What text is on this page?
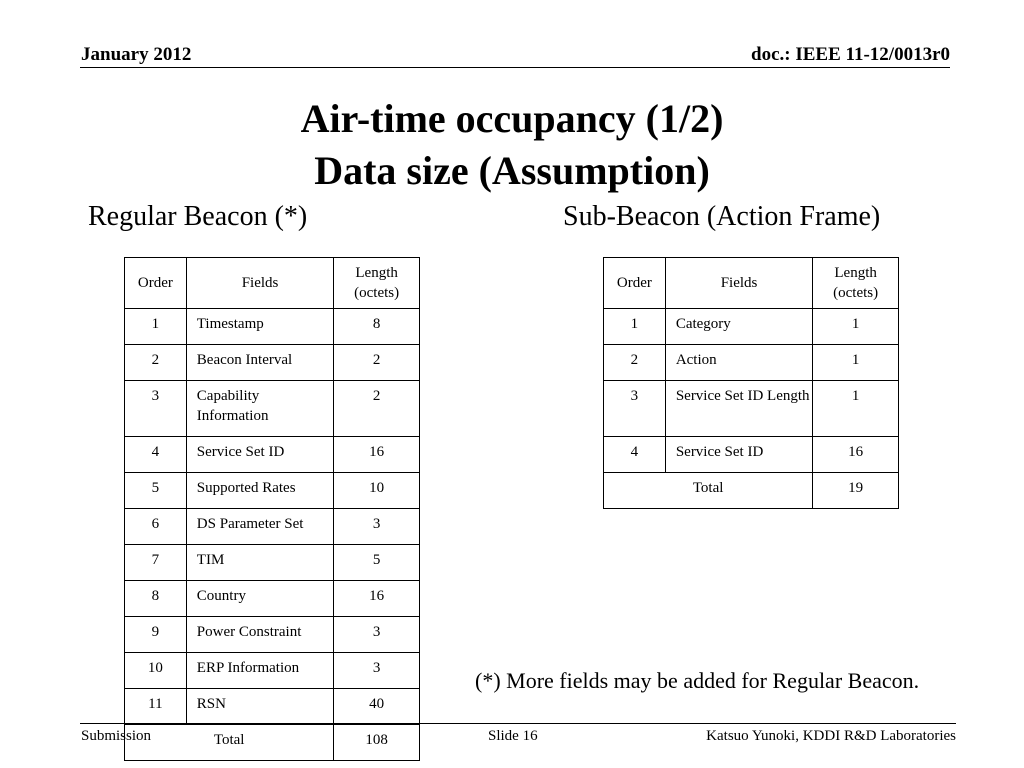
January 2012	doc.: IEEE 11-12/0013r0
Air-time occupancy (1/2)
Data size (Assumption)
Regular Beacon (*)	Sub-Beacon (Action Frame)
Order	Fields	Length (octets)
1	Timestamp	8
2	Beacon Interval	2
3	Capability Information	2
4	Service Set ID	16
5	Supported Rates	10
6	DS Parameter Set	3
7	TIM	5
8	Country	16
9	Power Constraint	3
10	ERP Information	3
11	RSN	40
Total		108
Order	Fields	Length (octets)
1	Category	1
2	Action	1
3	Service Set ID Length	1
4	Service Set ID	16
Total		19
(*) More fields may be added for Regular Beacon.
Submission	Slide 16	Katsuo Yunoki, KDDI R&D Laboratories
